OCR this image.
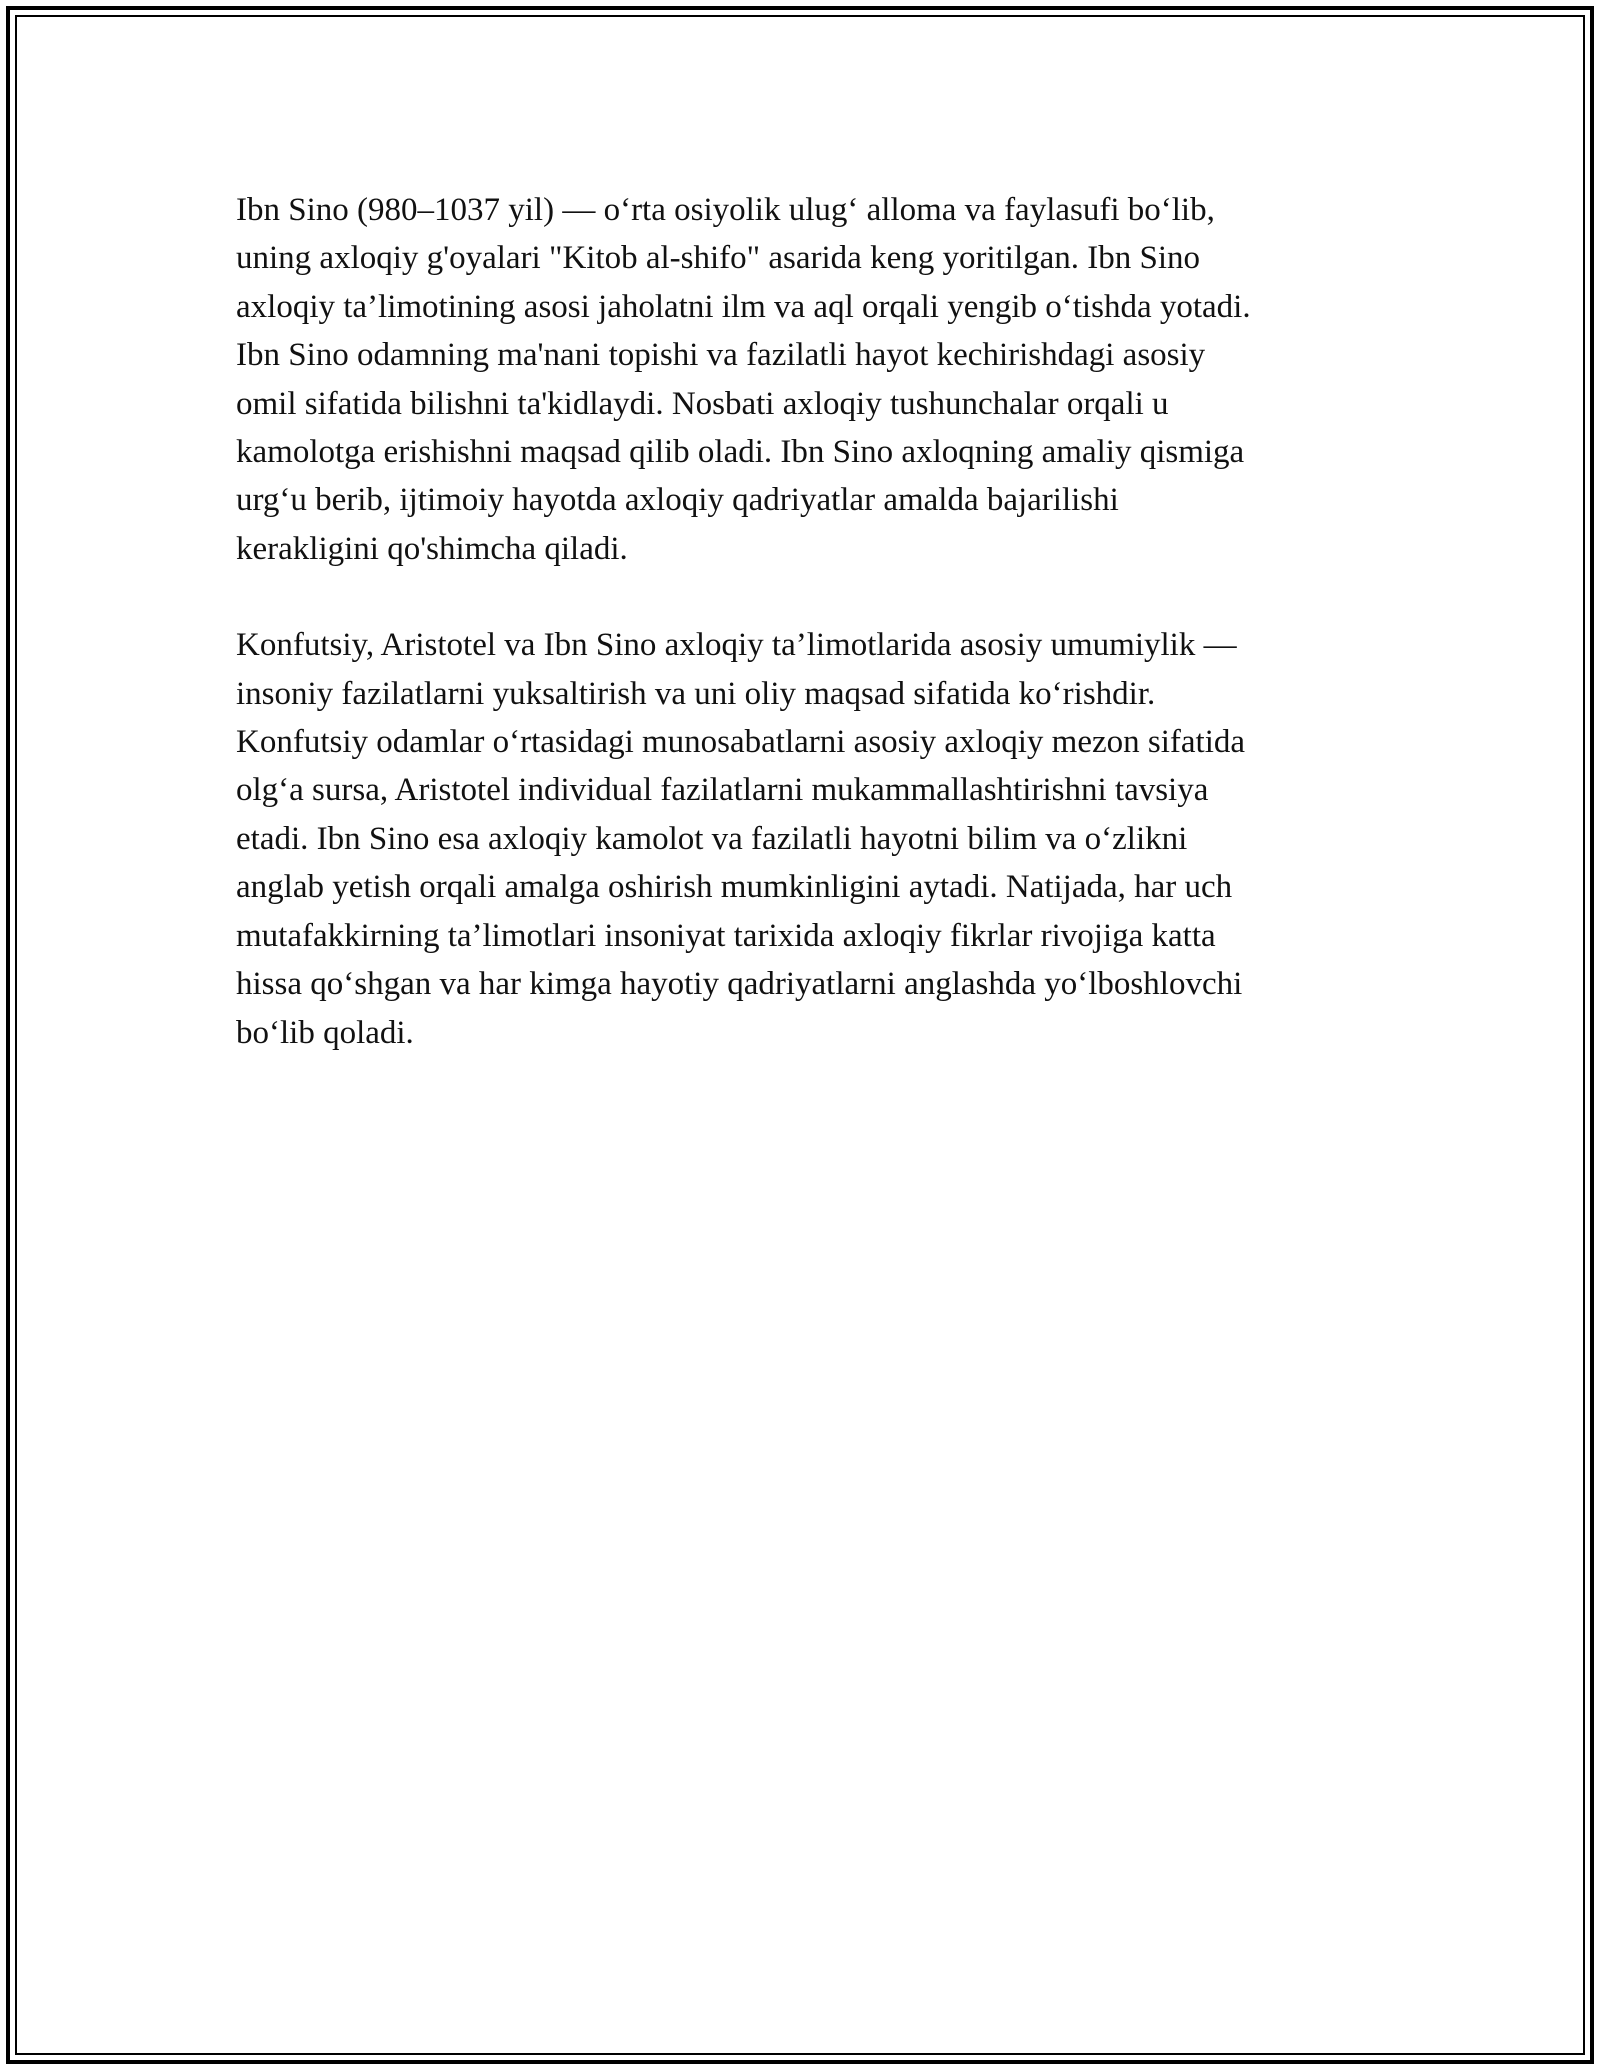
Ibn Sino (980–1037 yil) — o‘rta osiyolik ulug‘ alloma va faylasufi bo‘lib,
uning axloqiy g'oyalari "Kitob al-shifo" asarida keng yoritilgan. Ibn Sino
axloqiy ta’limotining asosi jaholatni ilm va aql orqali yengib o‘tishda yotadi.
Ibn Sino odamning ma'nani topishi va fazilatli hayot kechirishdagi asosiy
omil sifatida bilishni ta'kidlaydi. Nosbati axloqiy tushunchalar orqali u
kamolotga erishishni maqsad qilib oladi. Ibn Sino axloqning amaliy qismiga
urg‘u berib, ijtimoiy hayotda axloqiy qadriyatlar amalda bajarilishi
kerakligini qo'shimcha qiladi.

Konfutsiy, Aristotel va Ibn Sino axloqiy ta’limotlarida asosiy umumiylik —
insoniy fazilatlarni yuksaltirish va uni oliy maqsad sifatida ko‘rishdir.
Konfutsiy odamlar o‘rtasidagi munosabatlarni asosiy axloqiy mezon sifatida
olg‘a sursa, Aristotel individual fazilatlarni mukammallashtirishni tavsiya
etadi. Ibn Sino esa axloqiy kamolot va fazilatli hayotni bilim va o‘zlikni
anglab yetish orqali amalga oshirish mumkinligini aytadi. Natijada, har uch
mutafakkirning ta’limotlari insoniyat tarixida axloqiy fikrlar rivojiga katta
hissa qo‘shgan va har kimga hayotiy qadriyatlarni anglashda yo‘lboshlovchi
bo‘lib qoladi.
